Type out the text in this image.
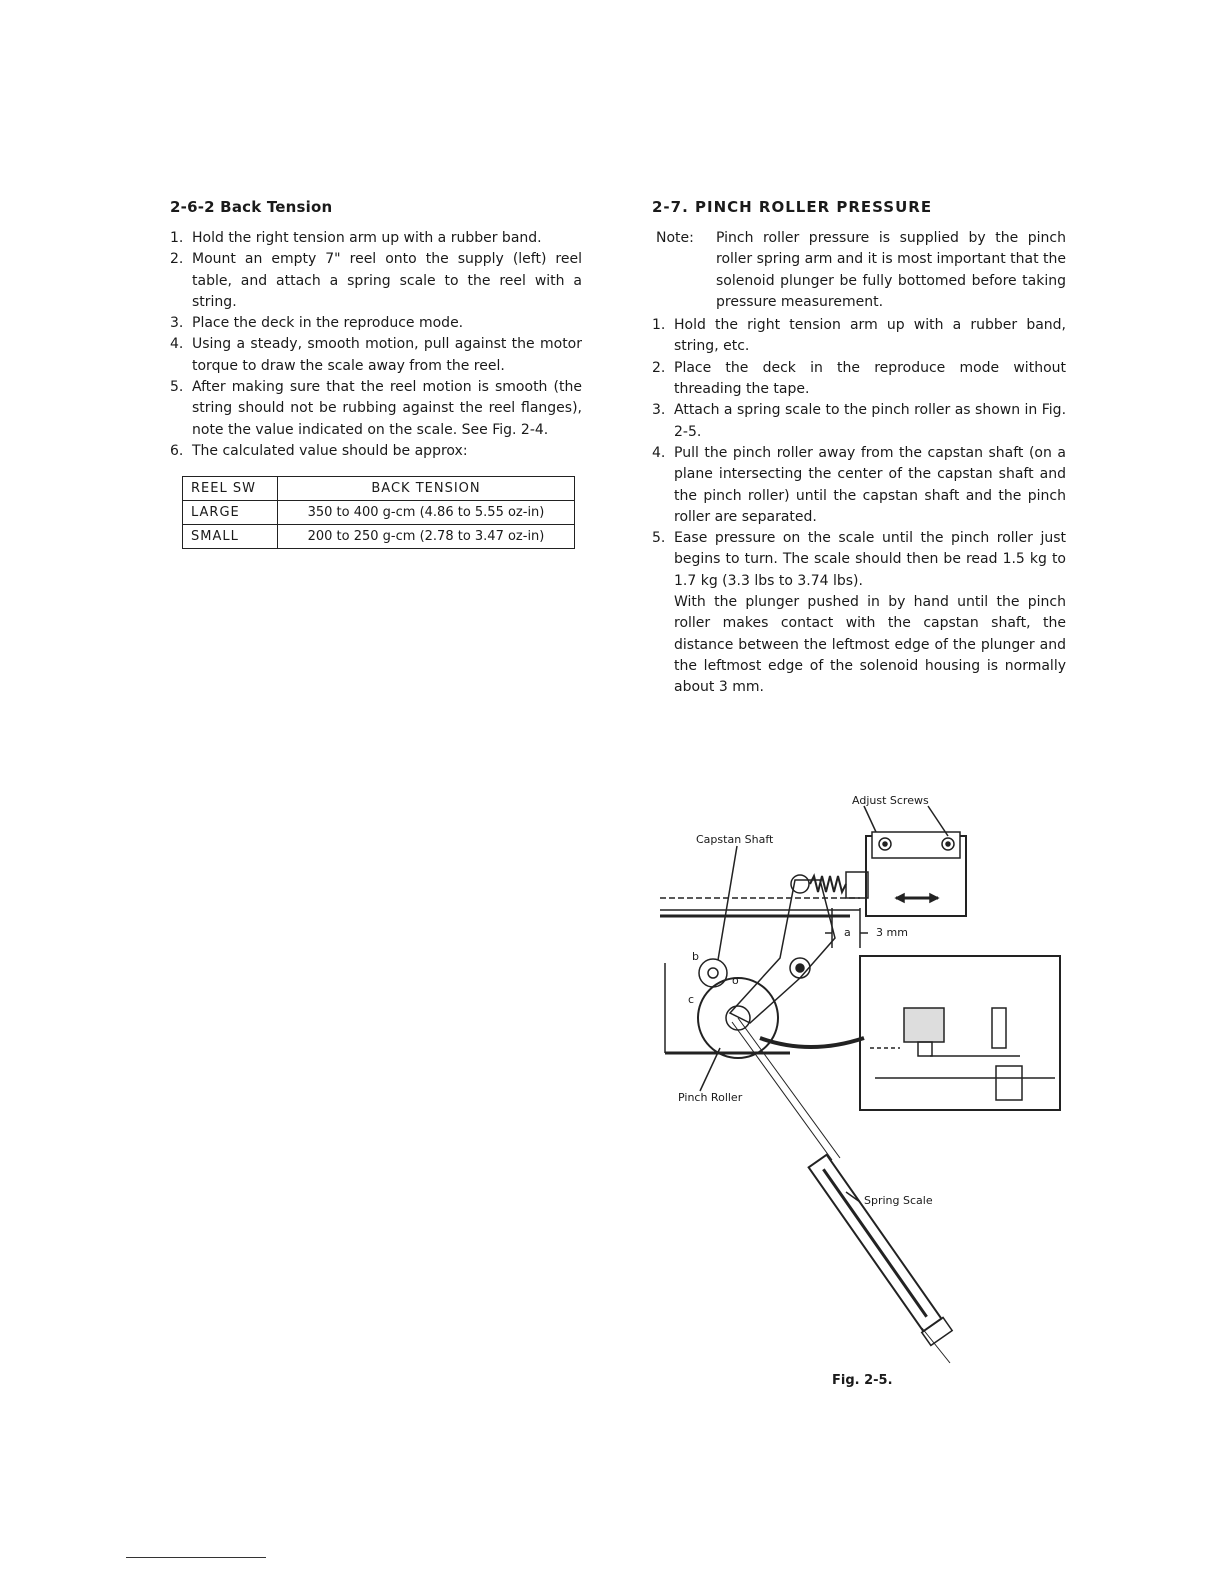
2-6-2 Back Tension
1. Hold the right tension arm up with a rubber band.
2. Mount an empty 7" reel onto the supply (left) reel table, and attach a spring scale to the reel with a string.
3. Place the deck in the reproduce mode.
4. Using a steady, smooth motion, pull against the motor torque to draw the scale away from the reel.
5. After making sure that the reel motion is smooth (the string should not be rubbing against the reel flanges), note the value indicated on the scale. See Fig. 2-4.
6. The calculated value should be approx:
REEL SW	BACK TENSION
LARGE	350 to 400 g-cm (4.86 to 5.55 oz-in)
SMALL	200 to 250 g-cm (2.78 to 3.47 oz-in)
2-7. PINCH ROLLER PRESSURE
Note: Pinch roller pressure is supplied by the pinch roller spring arm and it is most important that the solenoid plunger be fully bottomed before taking pressure measurement.
1. Hold the right tension arm up with a rubber band, string, etc.
2. Place the deck in the reproduce mode without threading the tape.
3. Attach a spring scale to the pinch roller as shown in Fig. 2-5.
4. Pull the pinch roller away from the capstan shaft (on a plane intersecting the center of the capstan shaft and the pinch roller) until the capstan shaft and the pinch roller are separated.
5. Ease pressure on the scale until the pinch roller just begins to turn. The scale should then be read 1.5 kg to 1.7 kg (3.3 lbs to 3.74 lbs).
With the plunger pushed in by hand until the pinch roller makes contact with the capstan shaft, the distance between the leftmost edge of the plunger and the leftmost edge of the solenoid housing is normally about 3 mm.
Adjust Screws
Capstan Shaft
Pinch Roller
Spring Scale
a 3 mm
b
c
o
Fig. 2-5.
